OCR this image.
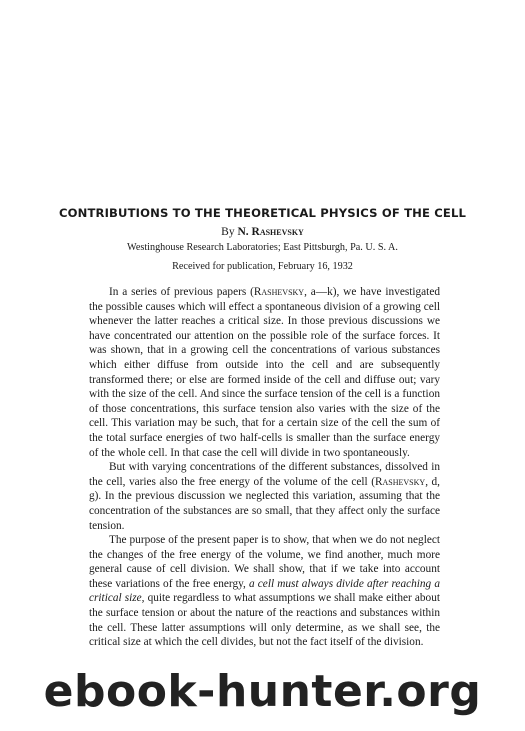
CONTRIBUTIONS TO THE THEORETICAL PHYSICS OF THE CELL

By N. Rashevsky

Westinghouse Research Laboratories; East Pittsburgh, Pa. U. S. A.

Received for publication, February 16, 1932

In a series of previous papers (Rashevsky, a—k), we have investigated the possible causes which will effect a spontaneous division of a growing cell whenever the latter reaches a critical size. In those previous discussions we have concentrated our attention on the possible role of the surface forces. It was shown, that in a growing cell the concentrations of various substances which either diffuse from outside into the cell and are subsequently transformed there; or else are formed inside of the cell and diffuse out; vary with the size of the cell. And since the surface tension of the cell is a function of those concentrations, this surface tension also varies with the size of the cell. This variation may be such, that for a certain size of the cell the sum of the total surface energies of two half-cells is smaller than the surface energy of the whole cell. In that case the cell will divide in two spontaneously.

But with varying concentrations of the different substances, dissolved in the cell, varies also the free energy of the volume of the cell (Rashevsky, d, g). In the previous discussion we neglected this variation, assuming that the concentration of the substances are so small, that they affect only the surface tension.

The purpose of the present paper is to show, that when we do not neglect the changes of the free energy of the volume, we find another, much more general cause of cell division. We shall show, that if we take into account these variations of the free energy, a cell must always divide after reaching a critical size, quite regardless to what assumptions we shall make either about the surface tension or about the nature of the reactions and substances within the cell. These latter assumptions will only determine, as we shall see, the critical size at which the cell divides, but not the fact itself of the division.

ebook-hunter.org
